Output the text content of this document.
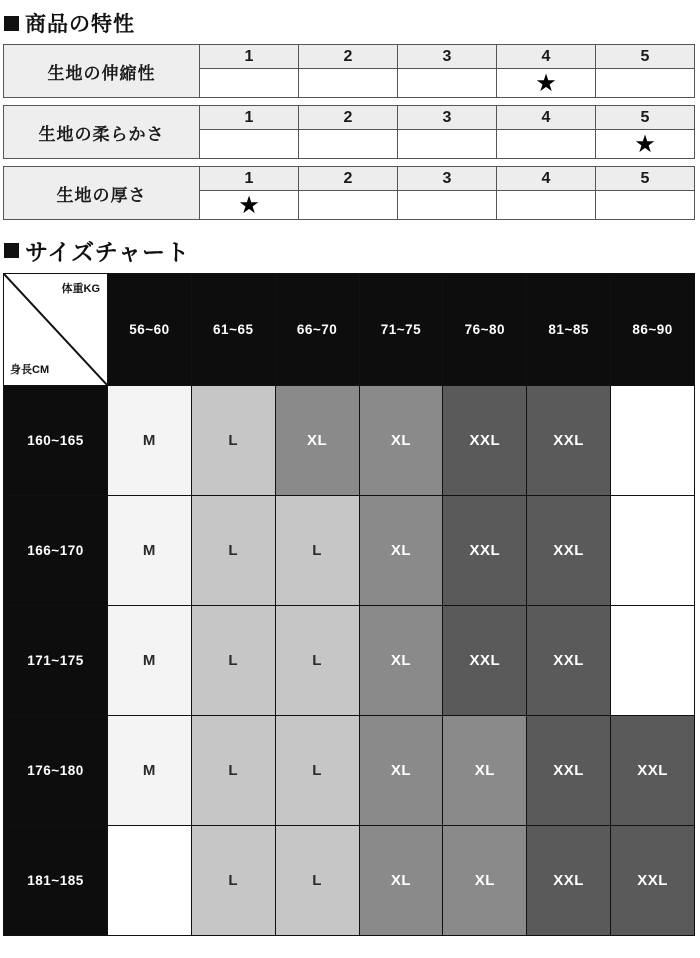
商品の特性
生地の伸縮性	1	2	3	4	5
				★	
生地の柔らかさ	1	2	3	4	5
					★
生地の厚さ	1	2	3	4	5
	★				
サイズチャート
体重KG
身長CM	56~60	61~65	66~70	71~75	76~80	81~85	86~90
160~165	M	L	XL	XL	XXL	XXL	
166~170	M	L	L	XL	XXL	XXL	
171~175	M	L	L	XL	XXL	XXL	
176~180	M	L	L	XL	XL	XXL	XXL
181~185		L	L	XL	XL	XXL	XXL
